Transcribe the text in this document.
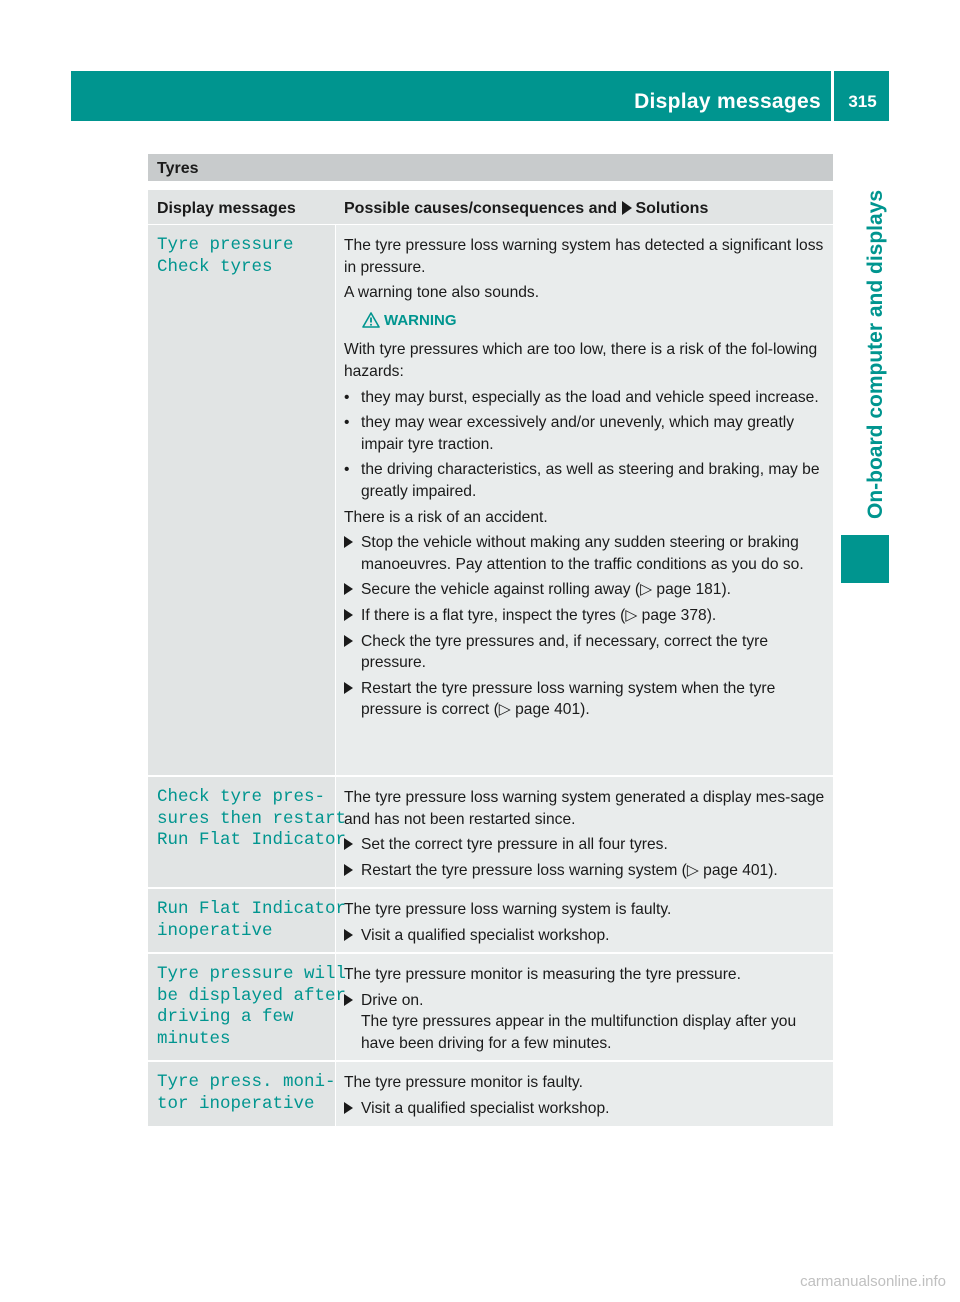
Display messages	315
On-board computer and displays
Tyres
Display messages	Possible causes/consequences and Solutions
Tyre pressure
Check tyres

The tyre pressure loss warning system has detected a significant loss in pressure.

A warning tone also sounds.

WARNING

With tyre pressures which are too low, there is a risk of the fol-lowing hazards:

• they may burst, especially as the load and vehicle speed increase.
• they may wear excessively and/or unevenly, which may greatly impair tyre traction.
• the driving characteristics, as well as steering and braking, may be greatly impaired.

There is a risk of an accident.

Stop the vehicle without making any sudden steering or braking manoeuvres. Pay attention to the traffic conditions as you do so.
Secure the vehicle against rolling away (▷ page 181).
If there is a flat tyre, inspect the tyres (▷ page 378).
Check the tyre pressures and, if necessary, correct the tyre pressure.
Restart the tyre pressure loss warning system when the tyre pressure is correct (▷ page 401).
Check tyre pres‐
sures then restart
Run Flat Indicator

The tyre pressure loss warning system generated a display mes-sage and has not been restarted since.

Set the correct tyre pressure in all four tyres.
Restart the tyre pressure loss warning system (▷ page 401).
Run Flat Indicator
inoperative

The tyre pressure loss warning system is faulty.

Visit a qualified specialist workshop.
Tyre pressure will
be displayed after
driving a few
minutes

The tyre pressure monitor is measuring the tyre pressure.

Drive on.
The tyre pressures appear in the multifunction display after you have been driving for a few minutes.
Tyre press. moni‐
tor inoperative

The tyre pressure monitor is faulty.

Visit a qualified specialist workshop.
carmanualsonline.info
